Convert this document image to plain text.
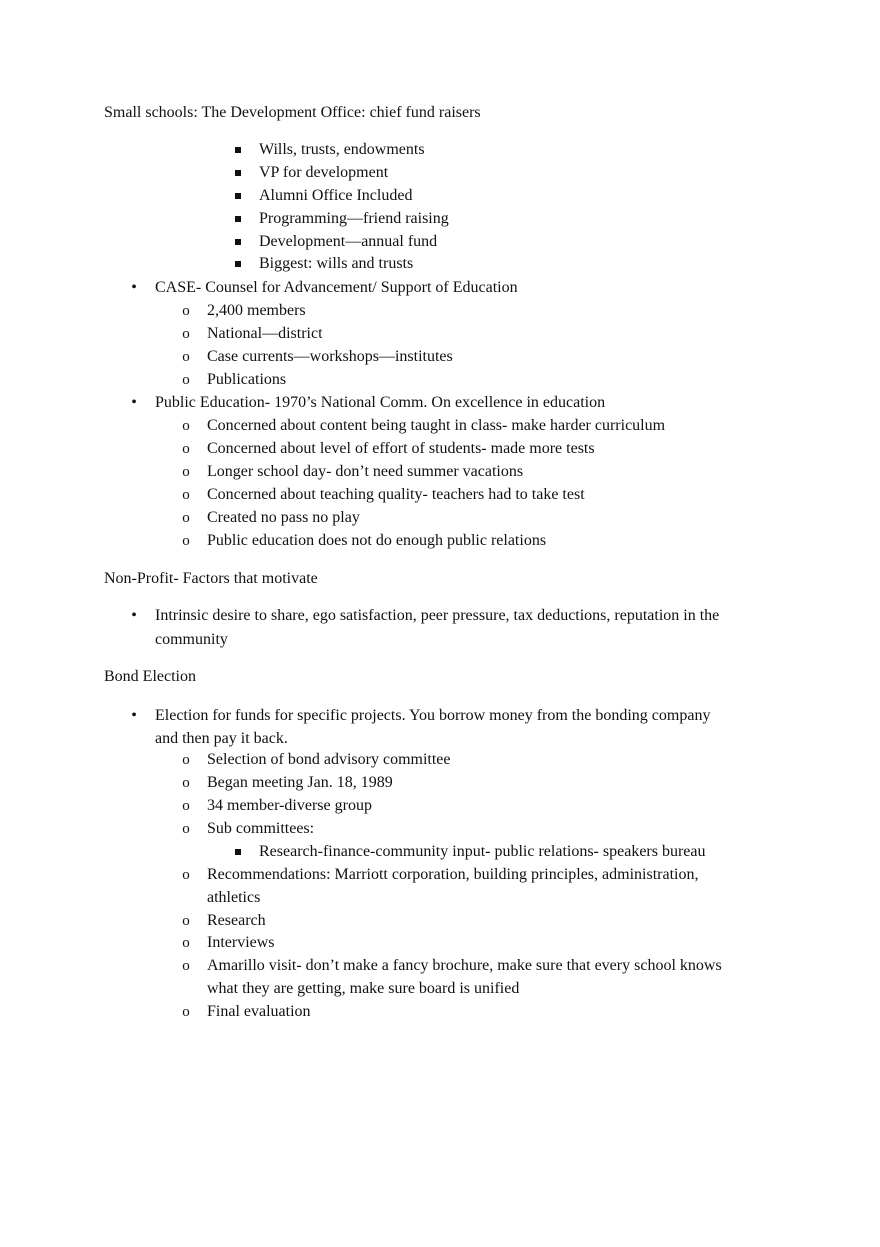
Small schools: The Development Office: chief fund raisers
Wills, trusts, endowments
VP for development
Alumni Office Included
Programming—friend raising
Development—annual fund
Biggest: wills and trusts
• CASE- Counsel for Advancement/ Support of Education
o 2,400 members
o National—district
o Case currents—workshops—institutes
o Publications
• Public Education- 1970’s National Comm. On excellence in education
o Concerned about content being taught in class- make harder curriculum
o Concerned about level of effort of students- made more tests
o Longer school day- don’t need summer vacations
o Concerned about teaching quality- teachers had to take test
o Created no pass no play
o Public education does not do enough public relations
Non-Profit- Factors that motivate
• Intrinsic desire to share, ego satisfaction, peer pressure, tax deductions, reputation in the
community
Bond Election
• Election for funds for specific projects. You borrow money from the bonding company
and then pay it back.
o Selection of bond advisory committee
o Began meeting Jan. 18, 1989
o 34 member-diverse group
o Sub committees:
Research-finance-community input- public relations- speakers bureau
o Recommendations: Marriott corporation, building principles, administration,
athletics
o Research
o Interviews
o Amarillo visit- don’t make a fancy brochure, make sure that every school knows
what they are getting, make sure board is unified
o Final evaluation
